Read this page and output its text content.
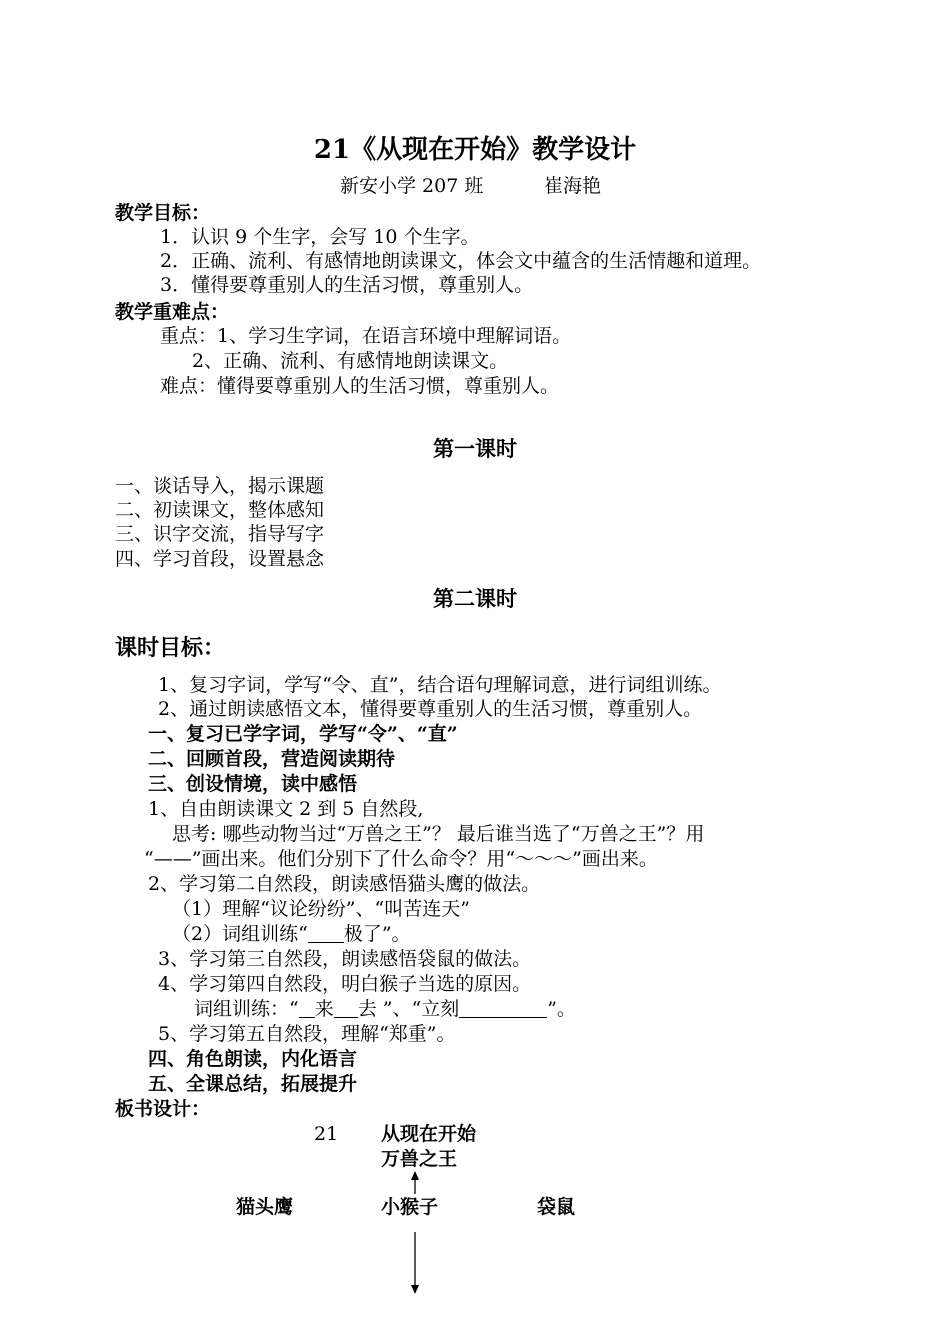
21《从现在开始》教学设计
新安小学 207 班	崔海艳
教学目标：
1．认识 9 个生字，会写 10 个生字。
2．正确、流利、有感情地朗读课文，体会文中蕴含的生活情趣和道理。
3．懂得要尊重别人的生活习惯，尊重别人。
教学重难点：
重点：1、学习生字词，在语言环境中理解词语。
2、正确、流利、有感情地朗读课文。
难点：懂得要尊重别人的生活习惯，尊重别人。
第一课时
一、谈话导入，揭示课题
二、初读课文，整体感知
三、识字交流，指导写字
四、学习首段，设置悬念
第二课时
课时目标：
1、复习字词，学写“令、直”，结合语句理解词意，进行词组训练。
2、通过朗读感悟文本，懂得要尊重别人的生活习惯，尊重别人。
一、复习已学字词，学写“令”、“直”
二、回顾首段，营造阅读期待
三、创设情境，读中感悟
1、自由朗读课文 2 到 5 自然段,
思考: 哪些动物当过“万兽之王”？ 最后谁当选了“万兽之王”？用
“——”画出来。他们分别下了什么命令？用“～～～”画出来。
2、学习第二自然段，朗读感悟猫头鹰的做法。
（1）理解“议论纷纷”、“叫苦连天”
（2）词组训练“ 极了”。
3、学习第三自然段，朗读感悟袋鼠的做法。
4、学习第四自然段，明白猴子当选的原因。
词组训练：“ 来 去 ”、“立刻	”。
5、学习第五自然段，理解“郑重”。
四、角色朗读，内化语言
五、全课总结，拓展提升
板书设计：
21 从现在开始
万兽之王
猫头鹰	小猴子	袋鼠
